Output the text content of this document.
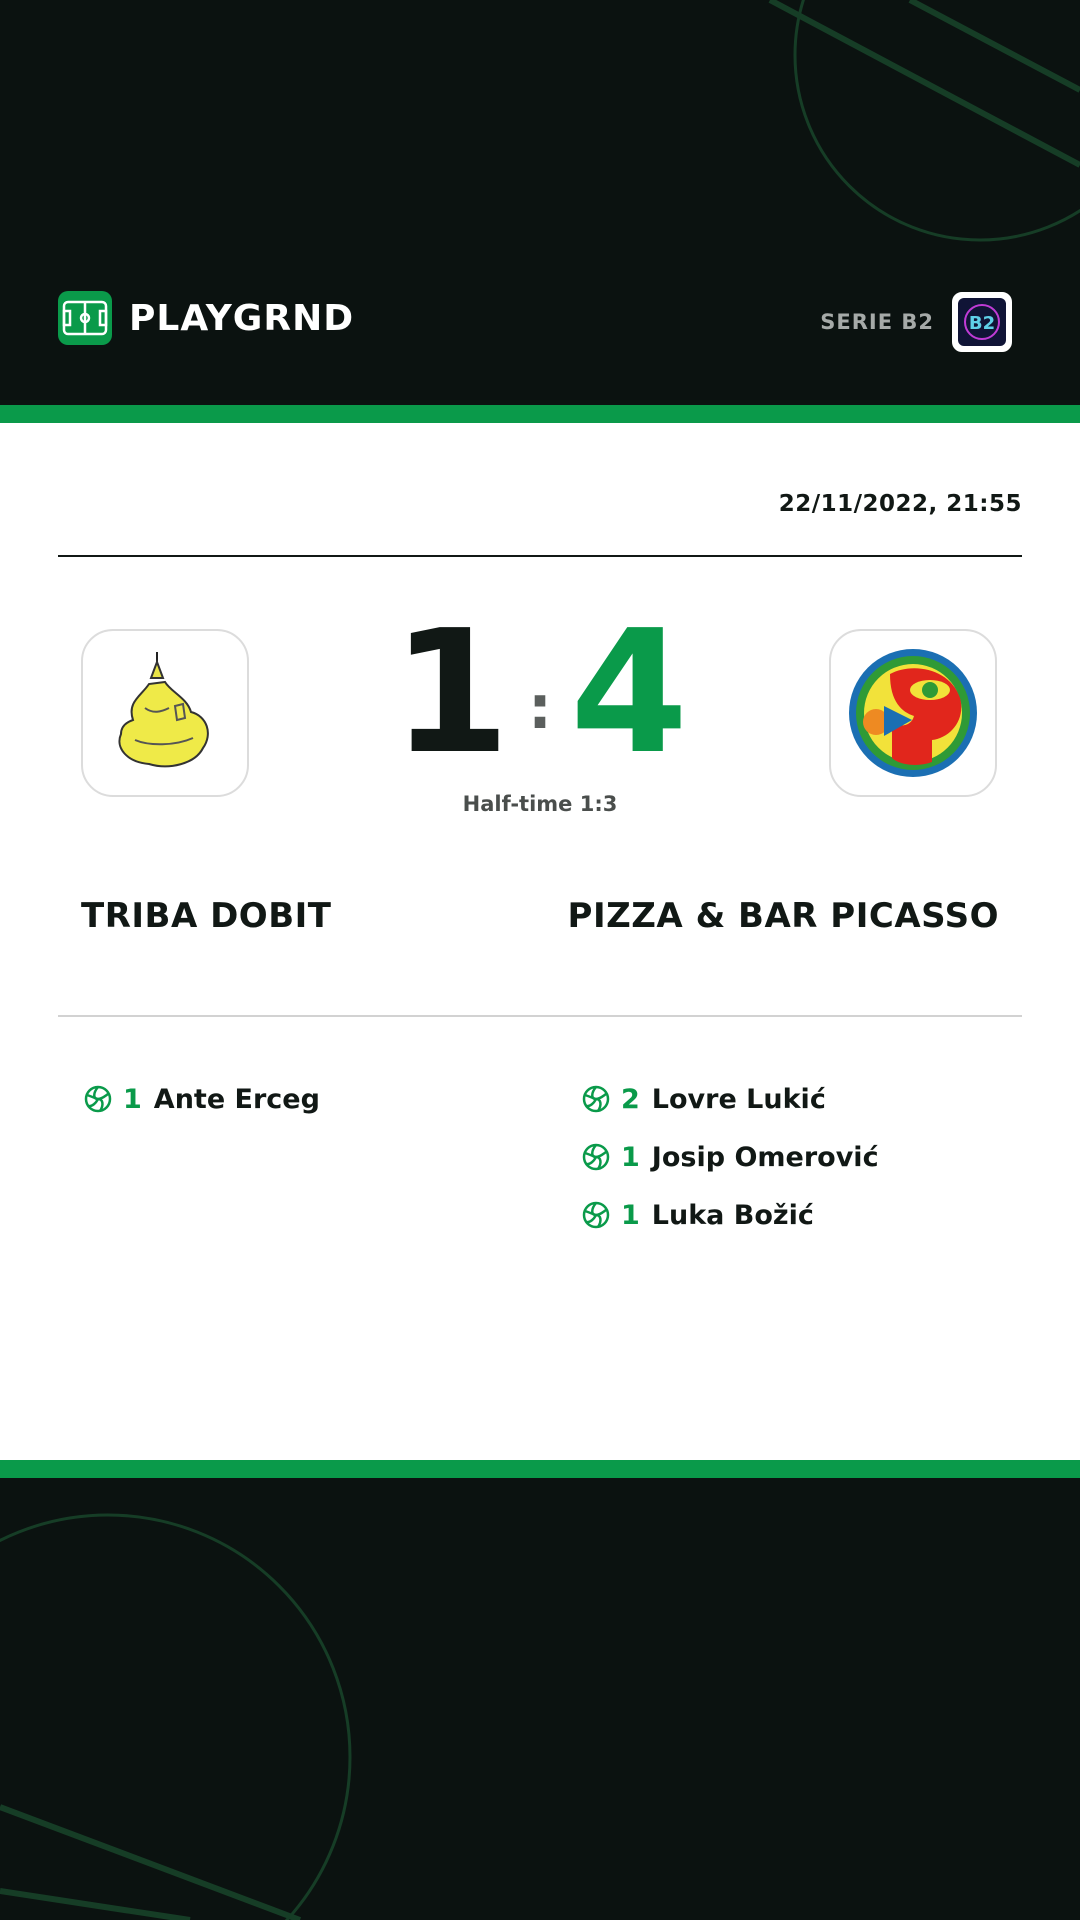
PLAYGRND	SERIE B2 B2
22/11/2022, 21:55
1 : 4
Half-time 1:3
TRIBA DOBIT	PIZZA & BAR PICASSO
1 Ante Erceg	2 Lovre Lukić
1 Josip Omerović
1 Luka Božić
